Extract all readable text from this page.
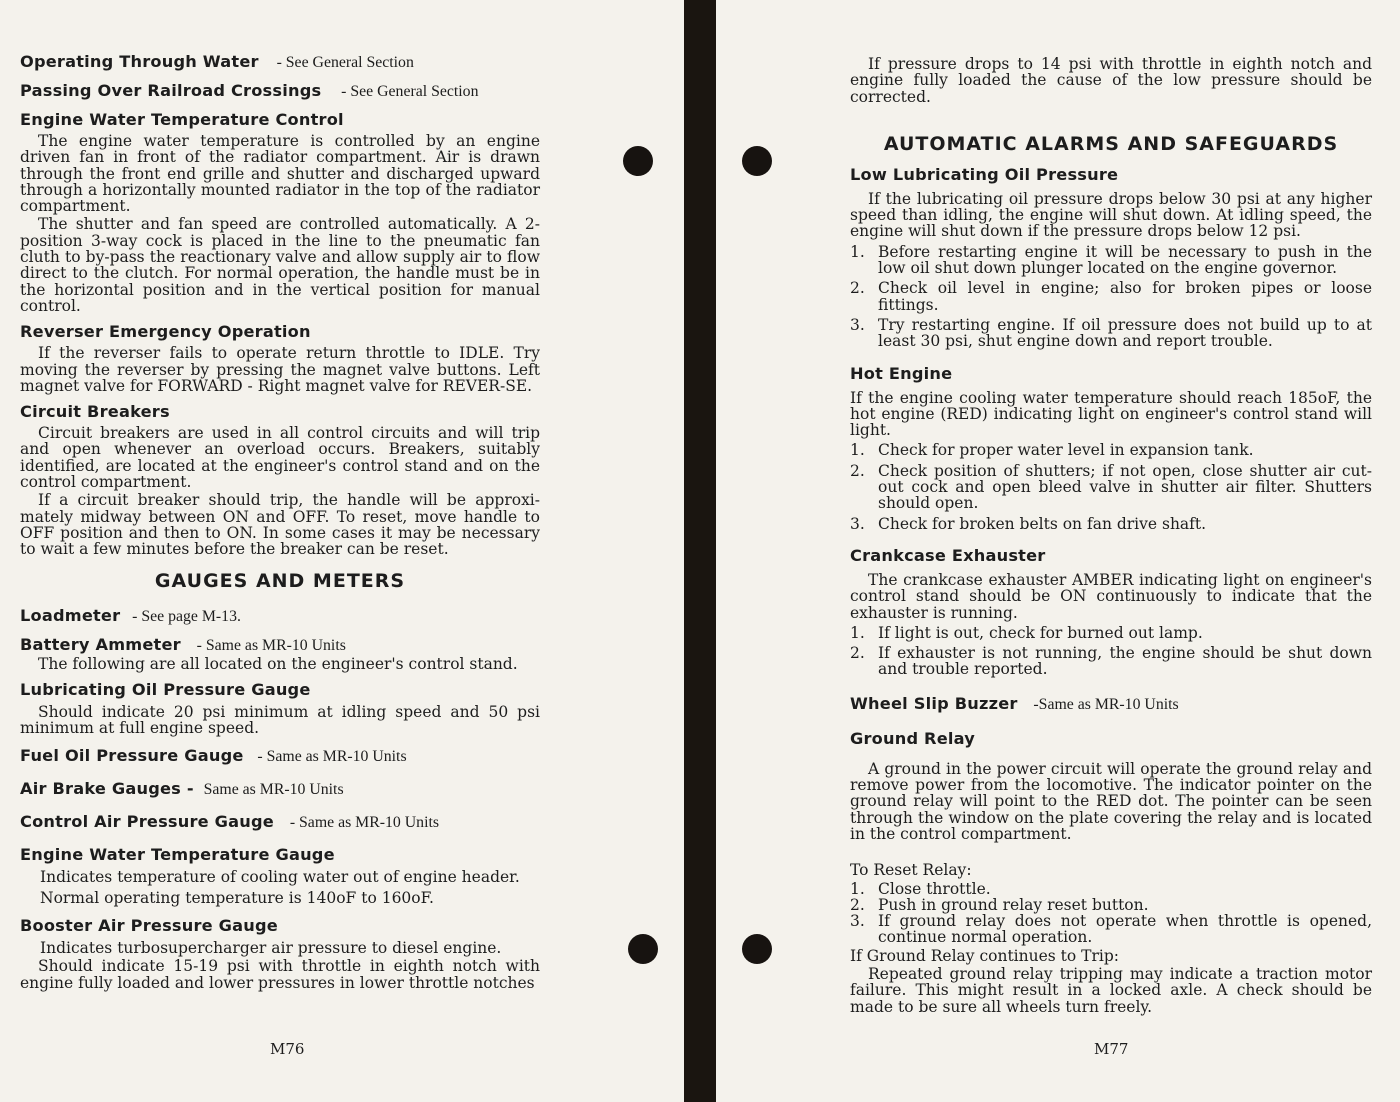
Operating Through Water - See General Section
Passing Over Railroad Crossings - See General Section
Engine Water Temperature Control

The engine water temperature is controlled by an engine driven fan in front of the radiator compartment. Air is drawn through the front end grille and shutter and discharged upward through a horizontally mounted radiator in the top of the radiator compartment.

The shutter and fan speed are controlled automatically. A 2-position 3-way cock is placed in the line to the pneumatic fan cluth to by-pass the reactionary valve and allow supply air to flow direct to the clutch. For normal operation, the handle must be in the horizontal position and in the vertical position for manual control.

Reverser Emergency Operation

If the reverser fails to operate return throttle to IDLE. Try moving the reverser by pressing the magnet valve buttons. Left magnet valve for FORWARD - Right magnet valve for REVER-SE.

Circuit Breakers

Circuit breakers are used in all control circuits and will trip and open whenever an overload occurs. Breakers, suitably identified, are located at the engineer's control stand and on the control compartment.

If a circuit breaker should trip, the handle will be approxi-mately midway between ON and OFF. To reset, move handle to OFF position and then to ON. In some cases it may be necessary to wait a few minutes before the breaker can be reset.

GAUGES AND METERS
Loadmeter - See page M-13.
Battery Ammeter - Same as MR-10 Units

The following are all located on the engineer's control stand.

Lubricating Oil Pressure Gauge

Should indicate 20 psi minimum at idling speed and 50 psi minimum at full engine speed.

Fuel Oil Pressure Gauge - Same as MR-10 Units
Air Brake Gauges - Same as MR-10 Units
Control Air Pressure Gauge - Same as MR-10 Units
Engine Water Temperature Gauge
Indicates temperature of cooling water out of engine header.
Normal operating temperature is 140oF to 160oF.
Booster Air Pressure Gauge
Indicates turbosupercharger air pressure to diesel engine.

Should indicate 15-19 psi with throttle in eighth notch with engine fully loaded and lower pressures in lower throttle notches

M76

If pressure drops to 14 psi with throttle in eighth notch and engine fully loaded the cause of the low pressure should be corrected.

AUTOMATIC ALARMS AND SAFEGUARDS
Low Lubricating Oil Pressure

If the lubricating oil pressure drops below 30 psi at any higher speed than idling, the engine will shut down. At idling speed, the engine will shut down if the pressure drops below 12 psi.

1. Before restarting engine it will be necessary to push in the low oil shut down plunger located on the engine governor.
2. Check oil level in engine; also for broken pipes or loose fittings.
3. Try restarting engine. If oil pressure does not build up to at least 30 psi, shut engine down and report trouble.
Hot Engine

If the engine cooling water temperature should reach 185oF, the hot engine (RED) indicating light on engineer's control stand will light.

1. Check for proper water level in expansion tank.
2. Check position of shutters; if not open, close shutter air cut-out cock and open bleed valve in shutter air filter. Shutters should open.
3. Check for broken belts on fan drive shaft.
Crankcase Exhauster

The crankcase exhauster AMBER indicating light on engineer's control stand should be ON continuously to indicate that the exhauster is running.

1. If light is out, check for burned out lamp.
2. If exhauster is not running, the engine should be shut down and trouble reported.
Wheel Slip Buzzer -Same as MR-10 Units
Ground Relay

A ground in the power circuit will operate the ground relay and remove power from the locomotive. The indicator pointer on the ground relay will point to the RED dot. The pointer can be seen through the window on the plate covering the relay and is located in the control compartment.

To Reset Relay:
1. Close throttle.
2. Push in ground relay reset button.
3. If ground relay does not operate when throttle is opened, continue normal operation.
If Ground Relay continues to Trip:

Repeated ground relay tripping may indicate a traction motor failure. This might result in a locked axle. A check should be made to be sure all wheels turn freely.

M77
